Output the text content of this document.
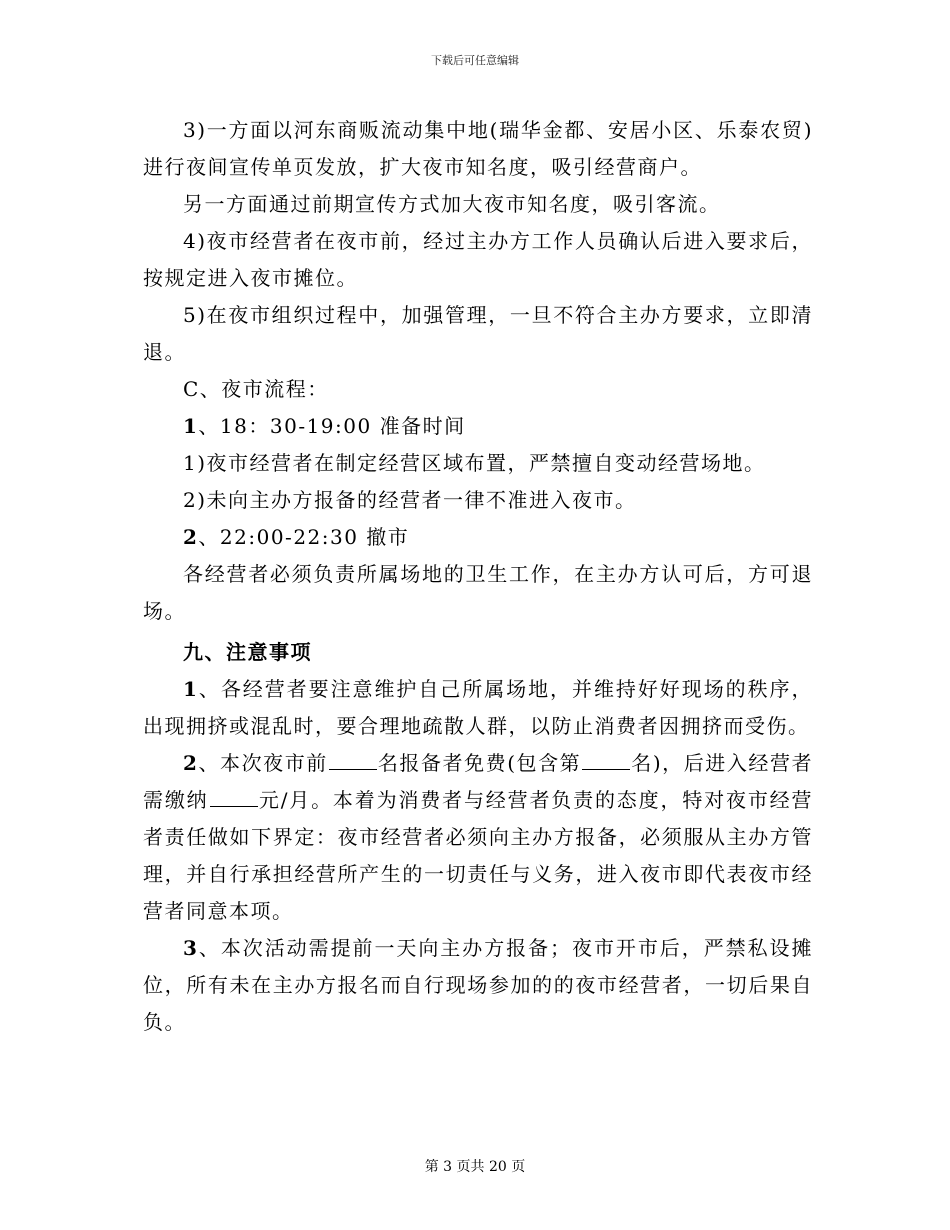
下载后可任意编辑

3)一方面以河东商贩流动集中地(瑞华金都、安居小区、乐泰农贸)进行夜间宣传单页发放，扩大夜市知名度，吸引经营商户。

另一方面通过前期宣传方式加大夜市知名度，吸引客流。

4)夜市经营者在夜市前，经过主办方工作人员确认后进入要求后，按规定进入夜市摊位。

5)在夜市组织过程中，加强管理，一旦不符合主办方要求，立即清退。

C、夜市流程：

1、18：30-19:00 准备时间

1)夜市经营者在制定经营区域布置，严禁擅自变动经营场地。

2)未向主办方报备的经营者一律不准进入夜市。

2、22:00-22:30 撤市

各经营者必须负责所属场地的卫生工作，在主办方认可后，方可退场。

九、注意事项

1、各经营者要注意维护自己所属场地，并维持好好现场的秩序，出现拥挤或混乱时，要合理地疏散人群，以防止消费者因拥挤而受伤。

2、本次夜市前	名报备者免费(包含第	名)，后进入经营者需缴纳	元/月。本着为消费者与经营者负责的态度，特对夜市经营者责任做如下界定：夜市经营者必须向主办方报备，必须服从主办方管理，并自行承担经营所产生的一切责任与义务，进入夜市即代表夜市经营者同意本项。

3、本次活动需提前一天向主办方报备；夜市开市后，严禁私设摊位，所有未在主办方报名而自行现场参加的的夜市经营者，一切后果自负。

第 3 页共 20 页
